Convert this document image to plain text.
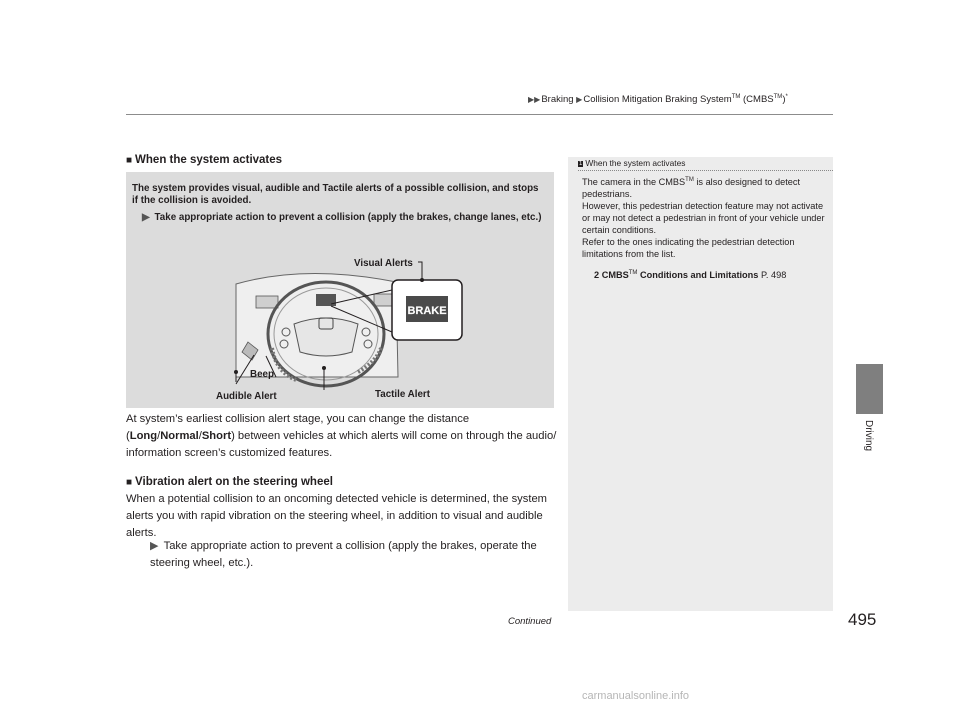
▶▶Braking ▶Collision Mitigation Braking System™ (CMBS™)*
Driving
■ When the system activates
The system provides visual, audible and Tactile alerts of a possible collision, and stops if the collision is avoided.
▶ Take appropriate action to prevent a collision (apply the brakes, change lanes, etc.)
BRAKE
Visual Alerts
Beep
Audible Alert	Tactile Alert
At system’s earliest collision alert stage, you can change the distance (Long/Normal/Short) between vehicles at which alerts will come on through the audio/ information screen’s customized features.
■ Vibration alert on the steering wheel
When a potential collision to an oncoming detected vehicle is determined, the system alerts you with rapid vibration on the steering wheel, in addition to visual and audible alerts.
▶ Take appropriate action to prevent a collision (apply the brakes, operate the steering wheel, etc.).
1 When the system activates
The camera in the CMBS™ is also designed to detect pedestrians.
However, this pedestrian detection feature may not activate or may not detect a pedestrian in front of your vehicle under certain conditions.
Refer to the ones indicating the pedestrian detection limitations from the list.
2 CMBS™ Conditions and Limitations P. 498
Continued	495
carmanualsonline.info
